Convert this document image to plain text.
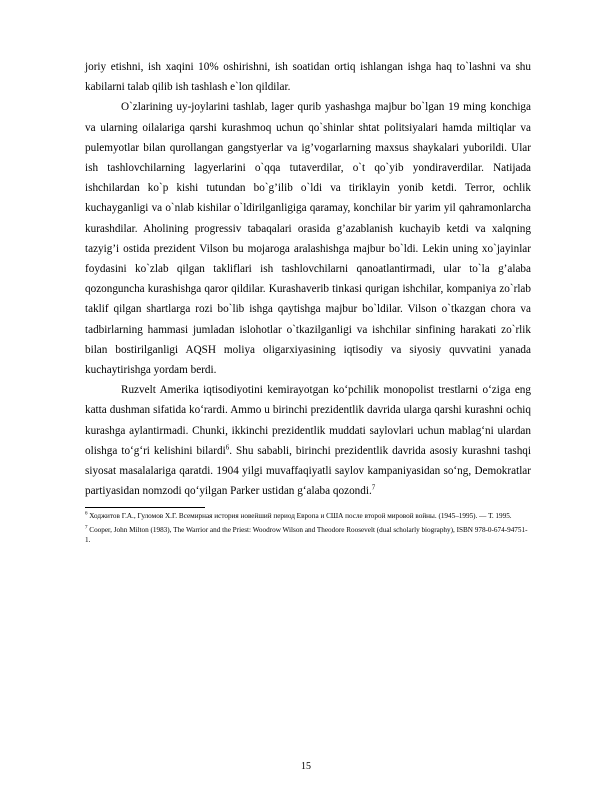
joriy etishni, ish xaqini 10% oshirishni, ish soatidan ortiq ishlangan ishga haq to`lashni va shu kabilarni talab qilib ish tashlash e`lon qildilar.

O`zlarining uy-joylarini tashlab, lager qurib yashashga majbur bo`lgan 19 ming konchiga va ularning oilalariga qarshi kurashmoq uchun qo`shinlar shtat politsiyalari hamda miltiqlar va pulemyotlar bilan qurollangan gangstyerlar va ig’vogarlarning maxsus shaykalari yuborildi. Ular ish tashlovchilarning lagyerlarini o`qqa tutaverdilar, o`t qo`yib yondiraverdilar. Natijada ishchilardan ko`p kishi tutundan bo`g’ilib o`ldi va tiriklayin yonib ketdi. Terror, ochlik kuchayganligi va o`nlab kishilar o`ldirilganligiga qaramay, konchilar bir yarim yil qahramonlarcha kurashdilar. Aholining progressiv tabaqalari orasida g’azablanish kuchayib ketdi va xalqning tazyig’i ostida prezident Vilson bu mojaroga aralashishga majbur bo`ldi. Lekin uning xo`jayinlar foydasini ko`zlab qilgan takliflari ish tashlovchilarni qanoatlantirmadi, ular to`la g’alaba qozonguncha kurashishga qaror qildilar. Kurashaverib tinkasi qurigan ishchilar, kompaniya zo`rlab taklif qilgan shartlarga rozi bo`lib ishga qaytishga majbur bo`ldilar. Vilson o`tkazgan chora va tadbirlarning hammasi jumladan islohotlar o`tkazilganligi va ishchilar sinfining harakati zo`rlik bilan bostirilganligi AQSH moliya oligarxiyasining iqtisodiy va siyosiy quvvatini yanada kuchaytirishga yordam berdi.

Ruzvelt Amerika iqtisodiyotini kemirayotgan ko‘pchilik monopolist trestlarni o‘ziga eng katta dushman sifatida ko‘rardi. Ammo u birinchi prezidentlik davrida ularga qarshi kurashni ochiq kurashga aylantirmadi. Chunki, ikkinchi prezidentlik muddati saylovlari uchun mablag‘ni ulardan olishga to‘g‘ri kelishini bilardi$^6$. Shu sababli, birinchi prezidentlik davrida asosiy kurashni tashqi siyosat masalalariga qaratdi. 1904 yilgi muvaffaqiyatli saylov kampaniyasidan so‘ng, Demokratlar partiyasidan nomzodi qo‘yilgan Parker ustidan g‘alaba qozondi.$^7$

$^6$ Ходжитов Г.А., Гуломов Х.Г. Всемирная история новейший период Европа и США после второй мировой войны. (1945–1995). — Т. 1995.

$^7$ Cooper, John Milton (1983), The Warrior and the Priest: Woodrow Wilson and Theodore Roosevelt (dual scholarly biography), ISBN 978-0-674-94751-1.

15
